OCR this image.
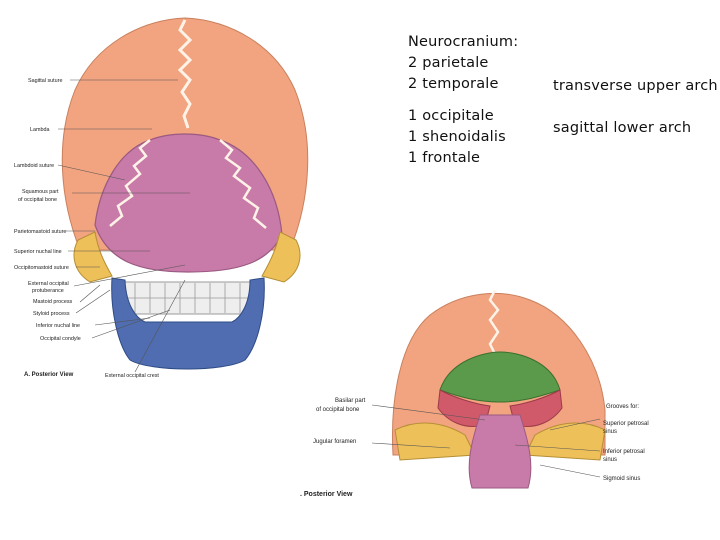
Neurocranium:
2 parietale
2 temporale
1 occipitale
1 shenoidalis
1 frontale
transverse upper arch
sagittal lower arch
Sagittal suture
Lambda
Lambdoid suture
Squamous part
of occipital bone
Parietomastoid suture
Superior nuchal line
Occipitomastoid suture
External occipital
protuberance
Mastoid process
Styloid process
Inferior nuchal line
Occipital condyle
External occipital crest
A. Posterior View
Basilar part
of occipital bone
Jugular foramen
Grooves for:
Superior petrosal
sinus
Inferior petrosal
sinus
Sigmoid sinus
. Posterior View
